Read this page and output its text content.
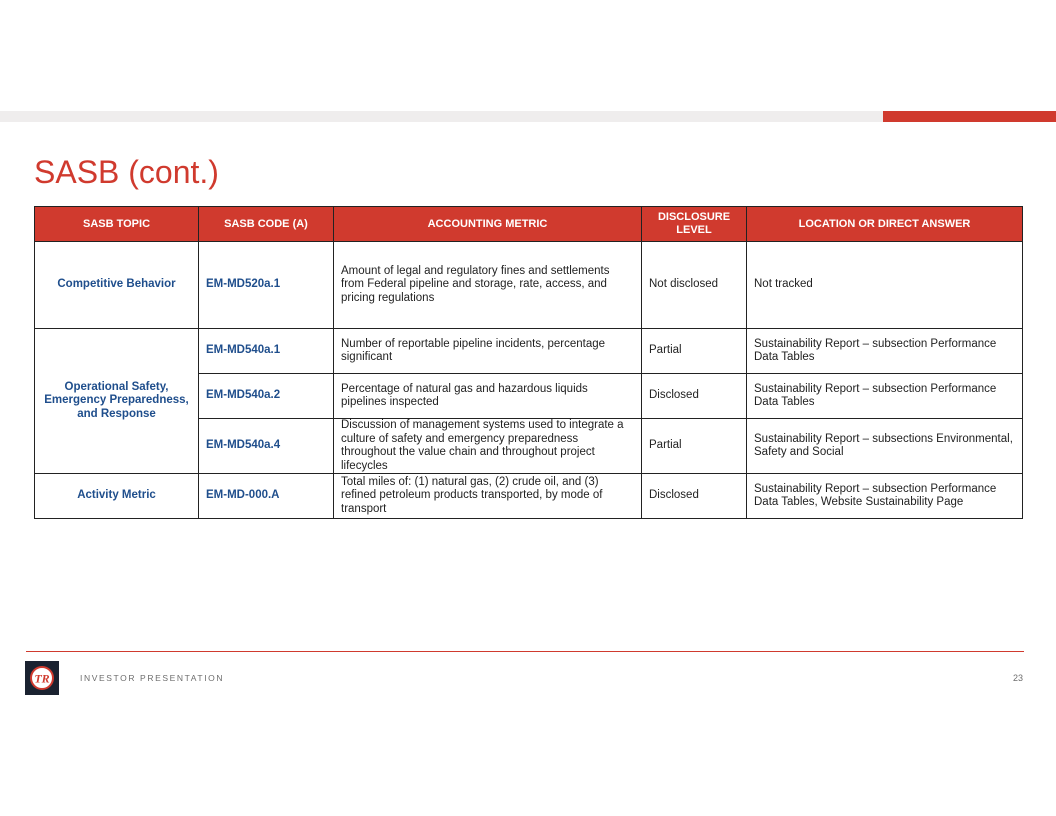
SASB (cont.)
SASB TOPIC	SASB CODE (A)	ACCOUNTING METRIC	DISCLOSURE LEVEL	LOCATION OR DIRECT ANSWER
Competitive Behavior	EM-MD520a.1	Amount of legal and regulatory fines and settlements from Federal pipeline and storage, rate, access, and pricing regulations	Not disclosed	Not tracked
Operational Safety, Emergency Preparedness, and Response	EM-MD540a.1	Number of reportable pipeline incidents, percentage significant	Partial	Sustainability Report – subsection Performance Data Tables
	EM-MD540a.2	Percentage of natural gas and hazardous liquids pipelines inspected	Disclosed	Sustainability Report – subsection Performance Data Tables
	EM-MD540a.4	Discussion of management systems used to integrate a culture of safety and emergency preparedness throughout the value chain and throughout project lifecycles	Partial	Sustainability Report – subsections Environmental, Safety and Social
Activity Metric	EM-MD-000.A	Total miles of: (1) natural gas, (2) crude oil, and (3) refined petroleum products transported, by mode of transport	Disclosed	Sustainability Report – subsection Performance Data Tables, Website Sustainability Page
TR	INVESTOR PRESENTATION	23
